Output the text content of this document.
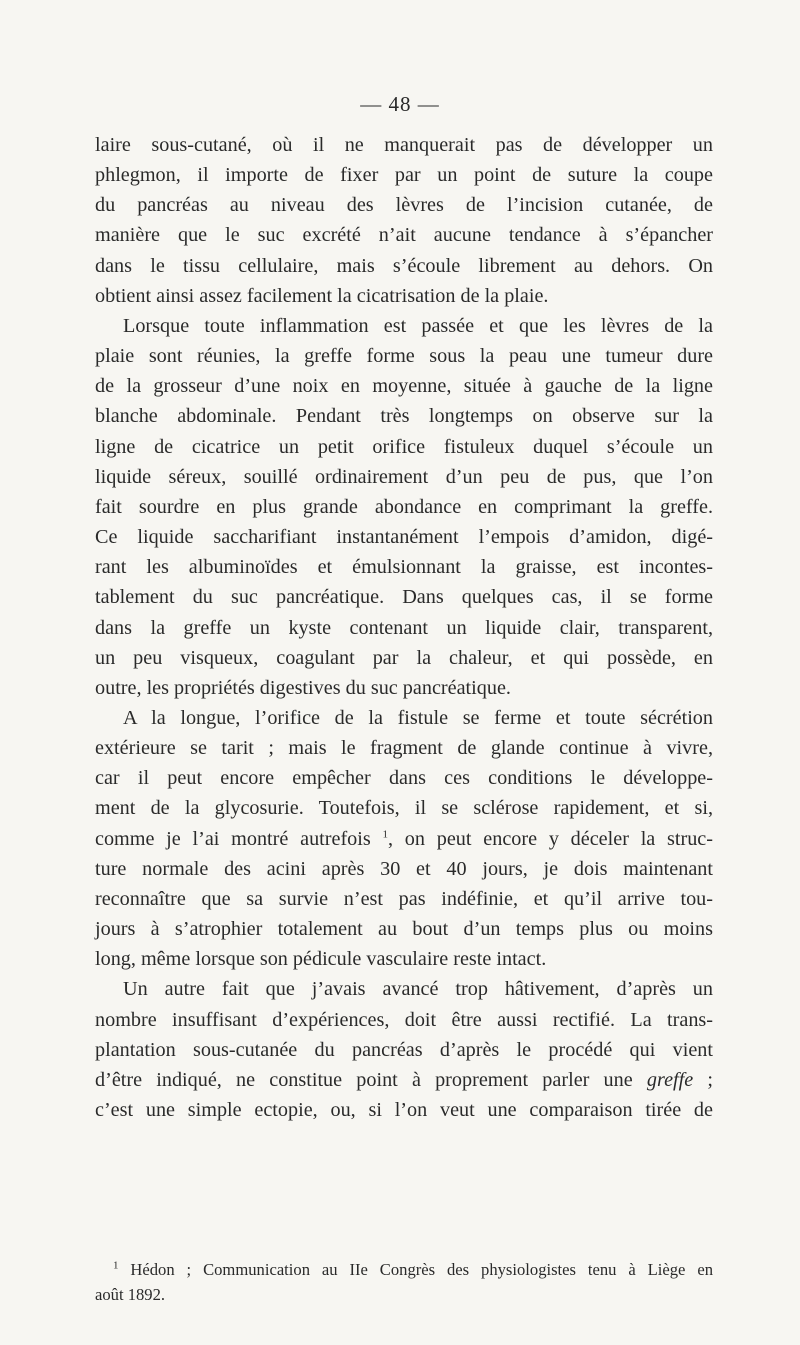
— 48 —
laire sous-cutané, où il ne manquerait pas de développer un
phlegmon, il importe de fixer par un point de suture la coupe
du pancréas au niveau des lèvres de l’incision cutanée, de
manière que le suc excrété n’ait aucune tendance à s’épancher
dans le tissu cellulaire, mais s’écoule librement au dehors. On
obtient ainsi assez facilement la cicatrisation de la plaie.
Lorsque toute inflammation est passée et que les lèvres de la
plaie sont réunies, la greffe forme sous la peau une tumeur dure
de la grosseur d’une noix en moyenne, située à gauche de la ligne
blanche abdominale. Pendant très longtemps on observe sur la
ligne de cicatrice un petit orifice fistuleux duquel s’écoule un
liquide séreux, souillé ordinairement d’un peu de pus, que l’on
fait sourdre en plus grande abondance en comprimant la greffe.
Ce liquide saccharifiant instantanément l’empois d’amidon, digé-
rant les albuminoïdes et émulsionnant la graisse, est incontes-
tablement du suc pancréatique. Dans quelques cas, il se forme
dans la greffe un kyste contenant un liquide clair, transparent,
un peu visqueux, coagulant par la chaleur, et qui possède, en
outre, les propriétés digestives du suc pancréatique.
A la longue, l’orifice de la fistule se ferme et toute sécrétion
extérieure se tarit ; mais le fragment de glande continue à vivre,
car il peut encore empêcher dans ces conditions le développe-
ment de la glycosurie. Toutefois, il se sclérose rapidement, et si,
comme je l’ai montré autrefois $^1$, on peut encore y déceler la struc-
ture normale des acini après 30 et 40 jours, je dois maintenant
reconnaître que sa survie n’est pas indéfinie, et qu’il arrive tou-
jours à s’atrophier totalement au bout d’un temps plus ou moins
long, même lorsque son pédicule vasculaire reste intact.
Un autre fait que j’avais avancé trop hâtivement, d’après un
nombre insuffisant d’expériences, doit être aussi rectifié. La trans-
plantation sous-cutanée du pancréas d’après le procédé qui vient
d’être indiqué, ne constitue point à proprement parler une greffe ;
c’est une simple ectopie, ou, si l’on veut une comparaison tirée de
$^1$ Hédon ; Communication au IIe Congrès des physiologistes tenu à Liège en
août 1892.
